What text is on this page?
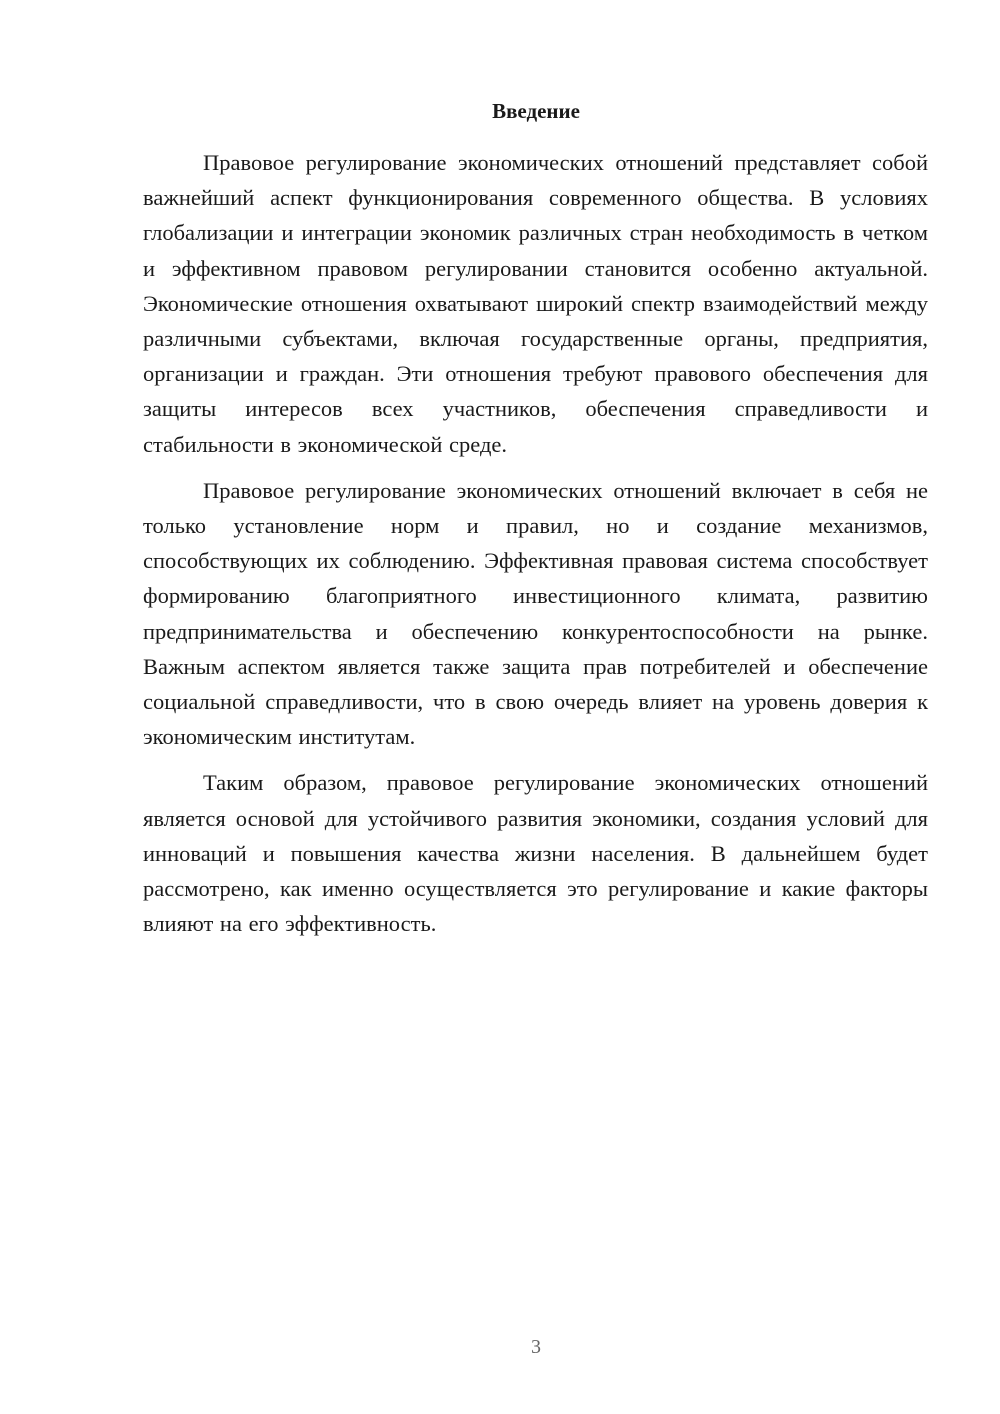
Введение

Правовое регулирование экономических отношений представляет собой важнейший аспект функционирования современного общества. В условиях глобализации и интеграции экономик различных стран необходимость в четком и эффективном правовом регулировании становится особенно актуальной. Экономические отношения охватывают широкий спектр взаимодействий между различными субъектами, включая государственные органы, предприятия, организации и граждан. Эти отношения требуют правового обеспечения для защиты интересов всех участников, обеспечения справедливости и стабильности в экономической среде.

Правовое регулирование экономических отношений включает в себя не только установление норм и правил, но и создание механизмов, способствующих их соблюдению. Эффективная правовая система способствует формированию благоприятного инвестиционного климата, развитию предпринимательства и обеспечению конкурентоспособности на рынке. Важным аспектом является также защита прав потребителей и обеспечение социальной справедливости, что в свою очередь влияет на уровень доверия к экономическим институтам.

Таким образом, правовое регулирование экономических отношений является основой для устойчивого развития экономики, создания условий для инноваций и повышения качества жизни населения. В дальнейшем будет рассмотрено, как именно осуществляется это регулирование и какие факторы влияют на его эффективность.

3
